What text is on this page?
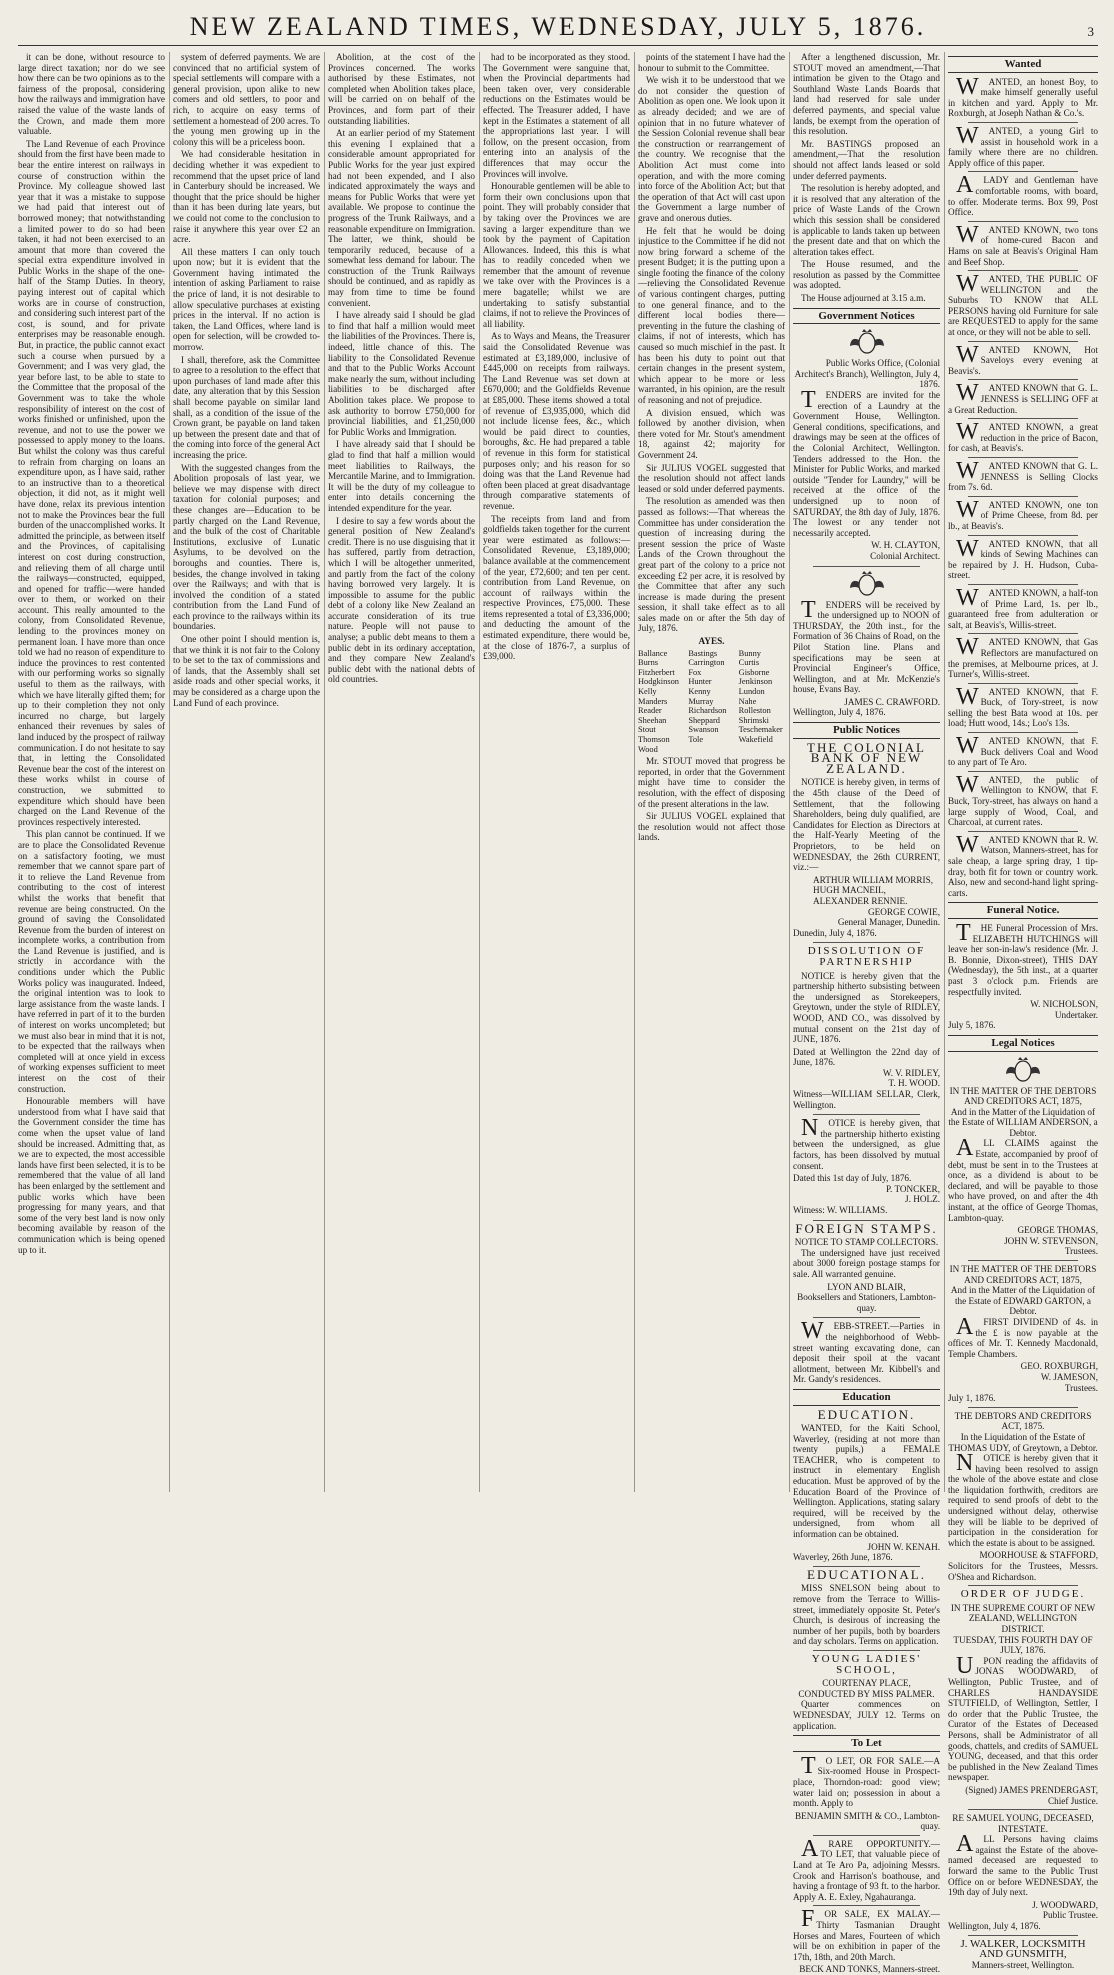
NEW ZEALAND TIMES, WEDNESDAY, JULY 5, 1876.	3

it can be done, without resource to large direct taxation; nor do we see how there can be two opinions as to the fairness of the proposal, considering how the railways and immigration have raised the value of the waste lands of the Crown, and made them more valuable.

The Land Revenue of each Province should from the first have been made to bear the entire interest on railways in course of construction within the Province. My colleague showed last year that it was a mistake to suppose we had paid that interest out of borrowed money; that notwithstanding a limited power to do so had been taken, it had not been exercised to an amount that more than covered the special extra expenditure involved in Public Works in the shape of the one-half of the Stamp Duties. In theory, paying interest out of capital which works are in course of construction, and considering such interest part of the cost, is sound, and for private enterprises may be reasonable enough. But, in practice, the public cannot exact such a course when pursued by a Government; and I was very glad, the year before last, to be able to state to the Committee that the proposal of the Government was to take the whole responsibility of interest on the cost of works finished or unfinished, upon the revenue, and not to use the power we possessed to apply money to the loans. But whilst the colony was thus careful to refrain from charging on loans an expenditure upon, as I have said, rather to an instructive than to a theoretical objection, it did not, as it might well have done, relax its previous intention not to make the Provinces bear the full burden of the unaccomplished works. It admitted the principle, as between itself and the Provinces, of capitalising interest on cost during construction, and relieving them of all charge until the railways—constructed, equipped, and opened for traffic—were handed over to them, or worked on their account. This really amounted to the colony, from Consolidated Revenue, lending to the provinces money on permanent loan. I have more than once told we had no reason of expenditure to induce the provinces to rest contented with our performing works so signally useful to them as the railways, with which we have literally gifted them; for up to their completion they not only incurred no charge, but largely enhanced their revenues by sales of land induced by the prospect of railway communication. I do not hesitate to say that, in letting the Consolidated Revenue bear the cost of the interest on these works whilst in course of construction, we submitted to expenditure which should have been charged on the Land Revenue of the provinces respectively interested.

This plan cannot be continued. If we are to place the Consolidated Revenue on a satisfactory footing, we must remember that we cannot spare part of it to relieve the Land Revenue from contributing to the cost of interest whilst the works that benefit that revenue are being constructed. On the ground of saving the Consolidated Revenue from the burden of interest on incomplete works, a contribution from the Land Revenue is justified, and is strictly in accordance with the conditions under which the Public Works policy was inaugurated. Indeed, the original intention was to look to large assistance from the waste lands. I have referred in part of it to the burden of interest on works uncompleted; but we must also bear in mind that it is not, to be expected that the railways when completed will at once yield in excess of working expenses sufficient to meet interest on the cost of their construction.

Honourable members will have understood from what I have said that the Government consider the time has come when the upset value of land should be increased. Admitting that, as we are to expected, the most accessible lands have first been selected, it is to be remembered that the value of all land has been enlarged by the settlement and public works which have been progressing for many years, and that some of the very best land is now only becoming available by reason of the communication which is being opened up to it.

system of deferred payments. We are convinced that no artificial system of special settlements will compare with a general provision, upon alike to new comers and old settlers, to poor and rich, to acquire on easy terms of settlement a homestead of 200 acres. To the young men growing up in the colony this will be a priceless boon.

We had considerable hesitation in deciding whether it was expedient to recommend that the upset price of land in Canterbury should be increased. We thought that the price should be higher than it has been during late years, but we could not come to the conclusion to raise it anywhere this year over £2 an acre.

All these matters I can only touch upon now; but it is evident that the Government having intimated the intention of asking Parliament to raise the price of land, it is not desirable to allow speculative purchases at existing prices in the interval. If no action is taken, the Land Offices, where land is open for selection, will be crowded to-morrow.

I shall, therefore, ask the Committee to agree to a resolution to the effect that upon purchases of land made after this date, any alteration that by this Session shall become payable on similar land shall, as a condition of the issue of the Crown grant, be payable on land taken up between the present date and that of the coming into force of the general Act increasing the price.

With the suggested changes from the Abolition proposals of last year, we believe we may dispense with direct taxation for colonial purposes; and these changes are—Education to be partly charged on the Land Revenue, and the bulk of the cost of Charitable Institutions, exclusive of Lunatic Asylums, to be devolved on the boroughs and counties. There is, besides, the change involved in taking over the Railways; and with that is involved the condition of a stated contribution from the Land Fund of each province to the railways within its boundaries.

One other point I should mention is, that we think it is not fair to the Colony to be set to the tax of commissions and of lands, that the Assembly shall set aside roads and other special works, it may be considered as a charge upon the Land Fund of each province.

Abolition, at the cost of the Provinces concerned. The works authorised by these Estimates, not completed when Abolition takes place, will be carried on on behalf of the Provinces, and form part of their outstanding liabilities.

At an earlier period of my Statement this evening I explained that a considerable amount appropriated for Public Works for the year just expired had not been expended, and I also indicated approximately the ways and means for Public Works that were yet available. We propose to continue the progress of the Trunk Railways, and a reasonable expenditure on Immigration. The latter, we think, should be temporarily reduced, because of a somewhat less demand for labour. The construction of the Trunk Railways should be continued, and as rapidly as may from time to time be found convenient.

I have already said I should be glad to find that half a million would meet the liabilities of the Provinces. There is, indeed, little chance of this. The liability to the Consolidated Revenue and that to the Public Works Account make nearly the sum, without including liabilities to be discharged after Abolition takes place. We propose to ask authority to borrow £750,000 for provincial liabilities, and £1,250,000 for Public Works and Immigration.

I have already said that I should be glad to find that half a million would meet liabilities to Railways, the Mercantile Marine, and to Immigration. It will be the duty of my colleague to enter into details concerning the intended expenditure for the year.

I desire to say a few words about the general position of New Zealand's credit. There is no use disguising that it has suffered, partly from detraction, which I will be altogether unmerited, and partly from the fact of the colony having borrowed very largely. It is impossible to assume for the public debt of a colony like New Zealand an accurate consideration of its true nature. People will not pause to analyse; a public debt means to them a public debt in its ordinary acceptation, and they compare New Zealand's public debt with the national debts of old countries.

had to be incorporated as they stood. The Government were sanguine that, when the Provincial departments had been taken over, very considerable reductions on the Estimates would be effected. The Treasurer added, I have kept in the Estimates a statement of all the appropriations last year. I will follow, on the present occasion, from entering into an analysis of the differences that may occur the Provinces will involve.

Honourable gentlemen will be able to form their own conclusions upon that point. They will probably consider that by taking over the Provinces we are saving a larger expenditure than we took by the payment of Capitation Allowances. Indeed, this this is what has to readily conceded when we remember that the amount of revenue we take over with the Provinces is a mere bagatelle; whilst we are undertaking to satisfy substantial claims, if not to relieve the Provinces of all liability.

As to Ways and Means, the Treasurer said the Consolidated Revenue was estimated at £3,189,000, inclusive of £445,000 on receipts from railways. The Land Revenue was set down at £670,000; and the Goldfields Revenue at £85,000. These items showed a total of revenue of £3,935,000, which did not include license fees, &c., which would be paid direct to counties, boroughs, &c. He had prepared a table of revenue in this form for statistical purposes only; and his reason for so doing was that the Land Revenue had often been placed at great disadvantage through comparative statements of revenue.

The receipts from land and from goldfields taken together for the current year were estimated as follows:—Consolidated Revenue, £3,189,000; balance available at the commencement of the year, £72,600; and ten per cent. contribution from Land Revenue, on account of railways within the respective Provinces, £75,000. These items represented a total of £3,336,000; and deducting the amount of the estimated expenditure, there would be, at the close of 1876-7, a surplus of £39,000.

points of the statement I have had the honour to submit to the Committee.

We wish it to be understood that we do not consider the question of Abolition as open one. We look upon it as already decided; and we are of opinion that in no future whatever of the Session Colonial revenue shall bear the construction or rearrangement of the country. We recognise that the Abolition Act must come into operation, and with the more coming into force of the Abolition Act; but that the operation of that Act will cast upon the Government a large number of grave and onerous duties.

He felt that he would be doing injustice to the Committee if he did not now bring forward a scheme of the present Budget; it is the putting upon a single footing the finance of the colony—relieving the Consolidated Revenue of various contingent charges, putting to one general finance, and to the different local bodies there—preventing in the future the clashing of claims, if not of interests, which has caused so much mischief in the past. It has been his duty to point out that certain changes in the present system, which appear to be more or less warranted, in his opinion, are the result of reasoning and not of prejudice.

A division ensued, which was followed by another division, when there voted for Mr. Stout's amendment 18, against 42; majority for Government 24.

Sir JULIUS VOGEL suggested that the resolution should not affect lands leased or sold under deferred payments.

The resolution as amended was then passed as follows:—That whereas the Committee has under consideration the question of increasing during the present session the price of Waste Lands of the Crown throughout the great part of the colony to a price not exceeding £2 per acre, it is resolved by the Committee that after any such increase is made during the present session, it shall take effect as to all sales made on or after the 5th day of July, 1876.

AYES.
Ballance	Bastings	Bunny
Burns	Carrington	Curtis
Fitzherbert	Fox	Gisborne
Hodgkinson	Hunter	Jenkinson
Kelly	Kenny	Lundon
Manders	Murray	Nahe
Reader	Richardson	Rolleston
Sheehan	Sheppard	Shrimski
Stout	Swanson	Teschemaker
Thomson	Tole	Wakefield
Wood

Mr. STOUT moved that progress be reported, in order that the Government might have time to consider the resolution, with the effect of disposing of the present alterations in the law.

Sir JULIUS VOGEL explained that the resolution would not affect those lands.

After a lengthened discussion, Mr. STOUT moved an amendment,—That intimation be given to the Otago and Southland Waste Lands Boards that land had reserved for sale under deferred payments, and special value lands, be exempt from the operation of this resolution.

Mr. BASTINGS proposed an amendment,—That the resolution should not affect lands leased or sold under deferred payments.

The resolution is hereby adopted, and it is resolved that any alteration of the price of Waste Lands of the Crown which this session shall be considered is applicable to lands taken up between the present date and that on which the alteration takes effect.

The House resumed, and the resolution as passed by the Committee was adopted.

The House adjourned at 3.15 a.m.

Government Notices
Public Works Office, (Colonial Architect's Branch), Wellington, July 4, 1876.

TENDERS are invited for the erection of a Laundry at the Government House, Wellington. General conditions, specifications, and drawings may be seen at the offices of the Colonial Architect, Wellington. Tenders addressed to the Hon. the Minister for Public Works, and marked outside "Tender for Laundry," will be received at the office of the undersigned up to noon of SATURDAY, the 8th day of July, 1876. The lowest or any tender not necessarily accepted.

W. H. CLAYTON,
Colonial Architect.

TENDERS will be received by the undersigned up to NOON of THURSDAY, the 20th inst., for the Formation of 36 Chains of Road, on the Pilot Station line. Plans and specifications may be seen at Provincial Engineer's Office, Wellington, and at Mr. McKenzie's house, Evans Bay.

JAMES C. CRAWFORD.
Wellington, July 4, 1876.
Public Notices
THE COLONIAL BANK OF NEW ZEALAND.

NOTICE is hereby given, in terms of the 45th clause of the Deed of Settlement, that the following Shareholders, being duly qualified, are Candidates for Election as Directors at the Half-Yearly Meeting of the Proprietors, to be held on WEDNESDAY, the 26th CURRENT, viz.:—

ARTHUR WILLIAM MORRIS,
HUGH MACNEIL,
ALEXANDER RENNIE.
GEORGE COWIE,
General Manager, Dunedin.
Dunedin, July 4, 1876.
DISSOLUTION OF PARTNERSHIP

NOTICE is hereby given that the partnership hitherto subsisting between the undersigned as Storekeepers, Greytown, under the style of RIDLEY, WOOD, AND CO., was dissolved by mutual consent on the 21st day of JUNE, 1876.

Dated at Wellington the 22nd day of June, 1876.
W. V. RIDLEY,
T. H. WOOD.
Witness—WILLIAM SELLAR, Clerk, Wellington.

NOTICE is hereby given, that the partnership hitherto existing between the undersigned, as glue factors, has been dissolved by mutual consent.

Dated this 1st day of July, 1876.
P. TONCKER,
J. HOLZ.
Witness: W. WILLIAMS.
FOREIGN STAMPS.
NOTICE TO STAMP COLLECTORS.

The undersigned have just received about 3000 foreign postage stamps for sale. All warranted genuine.

LYON AND BLAIR,
Booksellers and Stationers, Lambton-quay.

WEBB-STREET.—Parties in the neighborhood of Webb-street wanting excavating done, can deposit their spoil at the vacant allotment, between Mr. Kibbell's and Mr. Gandy's residences.

Education
EDUCATION.

WANTED, for the Kaiti School, Waverley, (residing at not more than twenty pupils,) a FEMALE TEACHER, who is competent to instruct in elementary English education. Must be approved of by the Education Board of the Province of Wellington. Applications, stating salary required, will be received by the undersigned, from whom all information can be obtained.

JOHN W. KENAH.
Waverley, 26th June, 1876.
EDUCATIONAL.

MISS SNELSON being about to remove from the Terrace to Willis-street, immediately opposite St. Peter's Church, is desirous of increasing the number of her pupils, both by boarders and day scholars. Terms on application.

YOUNG LADIES' SCHOOL,
COURTENAY PLACE, CONDUCTED BY MISS PALMER.

Quarter commences on WEDNESDAY, JULY 12. Terms on application.

To Let

TO LET, OR FOR SALE.—A Six-roomed House in Prospect-place, Thorndon-road: good view; water laid on; possession in about a month. Apply to

BENJAMIN SMITH & CO., Lambton-quay.

ARARE OPPORTUNITY.—TO LET, that valuable piece of Land at Te Aro Pa, adjoining Messrs. Crook and Harrison's boathouse, and having a frontage of 93 ft. to the harbor. Apply A. E. Exley, Ngahauranga.

FOR SALE, EX MALAY.—Thirty Tasmanian Draught Horses and Mares, Fourteen of which will be on exhibition in paper of the 17th, 18th, and 20th March.

BECK AND TONKS, Manners-street.
Wanted

WANTED, an honest Boy, to make himself generally useful in kitchen and yard. Apply to Mr. Roxburgh, at Joseph Nathan & Co.'s.

WANTED, a young Girl to assist in household work in a family where there are no children. Apply office of this paper.

ALADY and Gentleman have comfortable rooms, with board, to offer. Moderate terms. Box 99, Post Office.

WANTED KNOWN, two tons of home-cured Bacon and Hams on sale at Beavis's Original Ham and Beef Shop.

WANTED, THE PUBLIC OF WELLINGTON and the Suburbs TO KNOW that ALL PERSONS having old Furniture for sale are REQUESTED to apply for the same at once, or they will not be able to sell.

WANTED KNOWN, Hot Saveloys every evening at Beavis's.

WANTED KNOWN that G. L. JENNESS is SELLING OFF at a Great Reduction.

WANTED KNOWN, a great reduction in the price of Bacon, for cash, at Beavis's.

WANTED KNOWN that G. L. JENNESS is Selling Clocks from 7s. 6d.

WANTED KNOWN, one ton of Prime Cheese, from 8d. per lb., at Beavis's.

WANTED KNOWN, that all kinds of Sewing Machines can be repaired by J. H. Hudson, Cuba-street.

WANTED KNOWN, a half-ton of Prime Lard, 1s. per lb., guaranteed free from adulteration or salt, at Beavis's, Willis-street.

WANTED KNOWN, that Gas Reflectors are manufactured on the premises, at Melbourne prices, at J. Turner's, Willis-street.

WANTED KNOWN, that F. Buck, of Tory-street, is now selling the best Bata wood at 10s. per load; Hutt wood, 14s.; Loo's 13s.

WANTED KNOWN, that F. Buck delivers Coal and Wood to any part of Te Aro.

WANTED, the public of Wellington to KNOW, that F. Buck, Tory-street, has always on hand a large supply of Wood, Coal, and Charcoal, at current rates.

WANTED KNOWN that R. W. Watson, Manners-street, has for sale cheap, a large spring dray, 1 tip-dray, both fit for town or country work. Also, new and second-hand light spring-carts.

Funeral Notice.

THE Funeral Procession of Mrs. ELIZABETH HUTCHINGS will leave her son-in-law's residence (Mr. J. B. Bonnie, Dixon-street), THIS DAY (Wednesday), the 5th inst., at a quarter past 3 o'clock p.m. Friends are respectfully invited.

W. NICHOLSON,
Undertaker.
July 5, 1876.
Legal Notices
IN THE MATTER OF THE DEBTORS AND CREDITORS ACT, 1875,
And in the Matter of the Liquidation of the Estate of WILLIAM ANDERSON, a Debtor.

ALL CLAIMS against the Estate, accompanied by proof of debt, must be sent in to the Trustees at once, as a dividend is about to be declared, and will be payable to those who have proved, on and after the 4th instant, at the office of George Thomas, Lambton-quay.

GEORGE THOMAS,
JOHN W. STEVENSON,
Trustees.
IN THE MATTER OF THE DEBTORS AND CREDITORS ACT, 1875,
And in the Matter of the Liquidation of the Estate of EDWARD GARTON, a Debtor.

AFIRST DIVIDEND of 4s. in the £ is now payable at the offices of Mr. T. Kennedy Macdonald, Temple Chambers.

GEO. ROXBURGH,
W. JAMESON,
Trustees.
July 1, 1876.
THE DEBTORS AND CREDITORS ACT, 1875.
In the Liquidation of the Estate of THOMAS UDY, of Greytown, a Debtor.

NOTICE is hereby given that it having been resolved to assign the whole of the above estate and close the liquidation forthwith, creditors are required to send proofs of debt to the undersigned without delay, otherwise they will be liable to be deprived of participation in the consideration for which the estate is about to be assigned.

MOORHOUSE & STAFFORD,
Solicitors for the Trustees, Messrs. O'Shea and Richardson.
ORDER OF JUDGE.
IN THE SUPREME COURT OF NEW ZEALAND, WELLINGTON DISTRICT.
TUESDAY, THIS FOURTH DAY OF JULY, 1876.

UPON reading the affidavits of JONAS WOODWARD, of Wellington, Public Trustee, and of CHARLES HANDAYSIDE STUTFIELD, of Wellington, Settler, I do order that the Public Trustee, the Curator of the Estates of Deceased Persons, shall be Administrator of all goods, chattels, and credits of SAMUEL YOUNG, deceased, and that this order be published in the New Zealand Times newspaper.

(Signed) JAMES PRENDERGAST,
Chief Justice.
RE SAMUEL YOUNG, DECEASED, INTESTATE.

ALL Persons having claims against the Estate of the above-named deceased are requested to forward the same to the Public Trust Office on or before WEDNESDAY, the 19th day of July next.

J. WOODWARD,
Public Trustee.
Wellington, July 4, 1876.
J. WALKER, LOCKSMITH AND GUNSMITH,
Manners-street, Wellington.
